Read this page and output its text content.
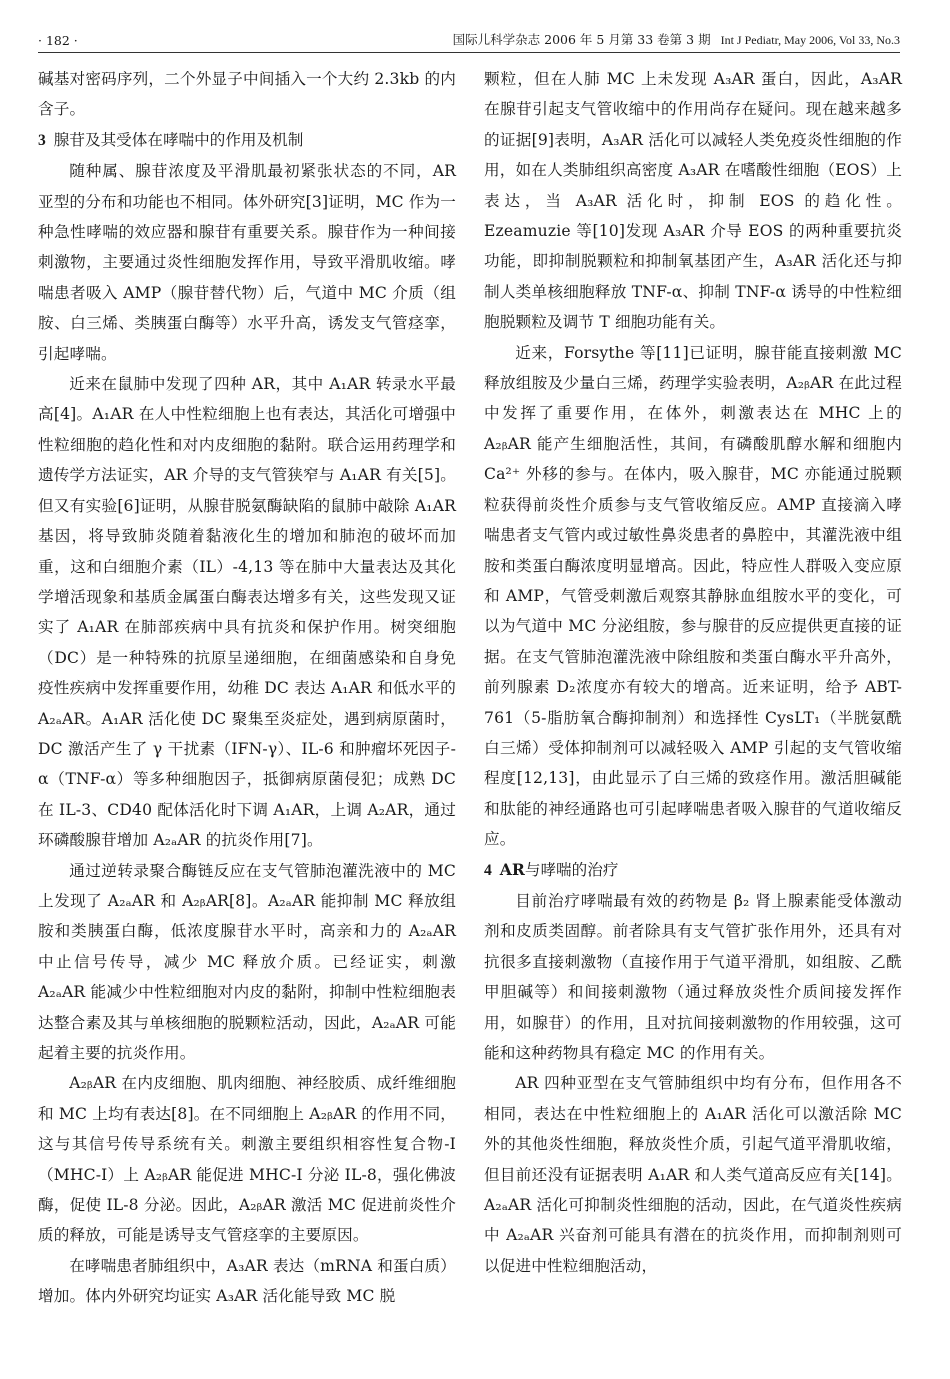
· 182 ·	国际儿科学杂志 2006 年 5 月第 33 卷第 3 期 Int J Pediatr, May 2006, Vol 33, No.3

碱基对密码序列，二个外显子中间插入一个大约 2.3kb 的内含子。

3 腺苷及其受体在哮喘中的作用及机制

随种属、腺苷浓度及平滑肌最初紧张状态的不同，AR 亚型的分布和功能也不相同。体外研究[3]证明，MC 作为一种急性哮喘的效应器和腺苷有重要关系。腺苷作为一种间接刺激物，主要通过炎性细胞发挥作用，导致平滑肌收缩。哮喘患者吸入 AMP（腺苷替代物）后，气道中 MC 介质（组胺、白三烯、类胰蛋白酶等）水平升高，诱发支气管痉挛，引起哮喘。

近来在鼠肺中发现了四种 AR，其中 A₁AR 转录水平最高[4]。A₁AR 在人中性粒细胞上也有表达，其活化可增强中性粒细胞的趋化性和对内皮细胞的黏附。联合运用药理学和遗传学方法证实，AR 介导的支气管狭窄与 A₁AR 有关[5]。但又有实验[6]证明，从腺苷脱氨酶缺陷的鼠肺中敲除 A₁AR 基因，将导致肺炎随着黏液化生的增加和肺泡的破坏而加重，这和白细胞介素（IL）-4,13 等在肺中大量表达及其化学增活现象和基质金属蛋白酶表达增多有关，这些发现又证实了 A₁AR 在肺部疾病中具有抗炎和保护作用。树突细胞（DC）是一种特殊的抗原呈递细胞，在细菌感染和自身免疫性疾病中发挥重要作用，幼稚 DC 表达 A₁AR 和低水平的 A₂ₐAR。A₁AR 活化使 DC 聚集至炎症处，遇到病原菌时，DC 激活产生了 γ 干扰素（IFN-γ）、IL-6 和肿瘤坏死因子-α（TNF-α）等多种细胞因子，抵御病原菌侵犯；成熟 DC 在 IL-3、CD40 配体活化时下调 A₁AR，上调 A₂AR，通过环磷酸腺苷增加 A₂ₐAR 的抗炎作用[7]。

通过逆转录聚合酶链反应在支气管肺泡灌洗液中的 MC 上发现了 A₂ₐAR 和 A₂ᵦAR[8]。A₂ₐAR 能抑制 MC 释放组胺和类胰蛋白酶，低浓度腺苷水平时，高亲和力的 A₂ₐAR 中止信号传导，减少 MC 释放介质。已经证实，刺激 A₂ₐAR 能减少中性粒细胞对内皮的黏附，抑制中性粒细胞表达整合素及其与单核细胞的脱颗粒活动，因此，A₂ₐAR 可能起着主要的抗炎作用。

A₂ᵦAR 在内皮细胞、肌肉细胞、神经胶质、成纤维细胞和 MC 上均有表达[8]。在不同细胞上 A₂ᵦAR 的作用不同，这与其信号传导系统有关。刺激主要组织相容性复合物-I（MHC-I）上 A₂ᵦAR 能促进 MHC-I 分泌 IL-8，强化佛波酶，促使 IL-8 分泌。因此，A₂ᵦAR 激活 MC 促进前炎性介质的释放，可能是诱导支气管痉挛的主要原因。

在哮喘患者肺组织中，A₃AR 表达（mRNA 和蛋白质）增加。体内外研究均证实 A₃AR 活化能导致 MC 脱

颗粒，但在人肺 MC 上未发现 A₃AR 蛋白，因此，A₃AR 在腺苷引起支气管收缩中的作用尚存在疑问。现在越来越多的证据[9]表明，A₃AR 活化可以减轻人类免疫炎性细胞的作用，如在人类肺组织高密度 A₃AR 在嗜酸性细胞（EOS）上表达，当 A₃AR 活化时，抑制 EOS 的趋化性。Ezeamuzie 等[10]发现 A₃AR 介导 EOS 的两种重要抗炎功能，即抑制脱颗粒和抑制氧基团产生，A₃AR 活化还与抑制人类单核细胞释放 TNF-α、抑制 TNF-α 诱导的中性粒细胞脱颗粒及调节 T 细胞功能有关。

近来，Forsythe 等[11]已证明，腺苷能直接刺激 MC 释放组胺及少量白三烯，药理学实验表明，A₂ᵦAR 在此过程中发挥了重要作用，在体外，刺激表达在 MHC 上的 A₂ᵦAR 能产生细胞活性，其间，有磷酸肌醇水解和细胞内 Ca²⁺ 外移的参与。在体内，吸入腺苷，MC 亦能通过脱颗粒获得前炎性介质参与支气管收缩反应。AMP 直接滴入哮喘患者支气管内或过敏性鼻炎患者的鼻腔中，其灌洗液中组胺和类蛋白酶浓度明显增高。因此，特应性人群吸入变应原和 AMP，气管受刺激后观察其静脉血组胺水平的变化，可以为气道中 MC 分泌组胺，参与腺苷的反应提供更直接的证据。在支气管肺泡灌洗液中除组胺和类蛋白酶水平升高外，前列腺素 D₂浓度亦有较大的增高。近来证明，给予 ABT-761（5-脂肪氧合酶抑制剂）和选择性 CysLT₁（半胱氨酰白三烯）受体抑制剂可以减轻吸入 AMP 引起的支气管收缩程度[12,13]，由此显示了白三烯的致痉作用。激活胆碱能和肽能的神经通路也可引起哮喘患者吸入腺苷的气道收缩反应。

4 AR与哮喘的治疗

目前治疗哮喘最有效的药物是 β₂ 肾上腺素能受体激动剂和皮质类固醇。前者除具有支气管扩张作用外，还具有对抗很多直接刺激物（直接作用于气道平滑肌，如组胺、乙酰甲胆碱等）和间接刺激物（通过释放炎性介质间接发挥作用，如腺苷）的作用，且对抗间接刺激物的作用较强，这可能和这种药物具有稳定 MC 的作用有关。

AR 四种亚型在支气管肺组织中均有分布，但作用各不相同，表达在中性粒细胞上的 A₁AR 活化可以激活除 MC 外的其他炎性细胞，释放炎性介质，引起气道平滑肌收缩，但目前还没有证据表明 A₁AR 和人类气道高反应有关[14]。A₂ₐAR 活化可抑制炎性细胞的活动，因此，在气道炎性疾病中 A₂ₐAR 兴奋剂可能具有潜在的抗炎作用，而抑制剂则可以促进中性粒细胞活动，
